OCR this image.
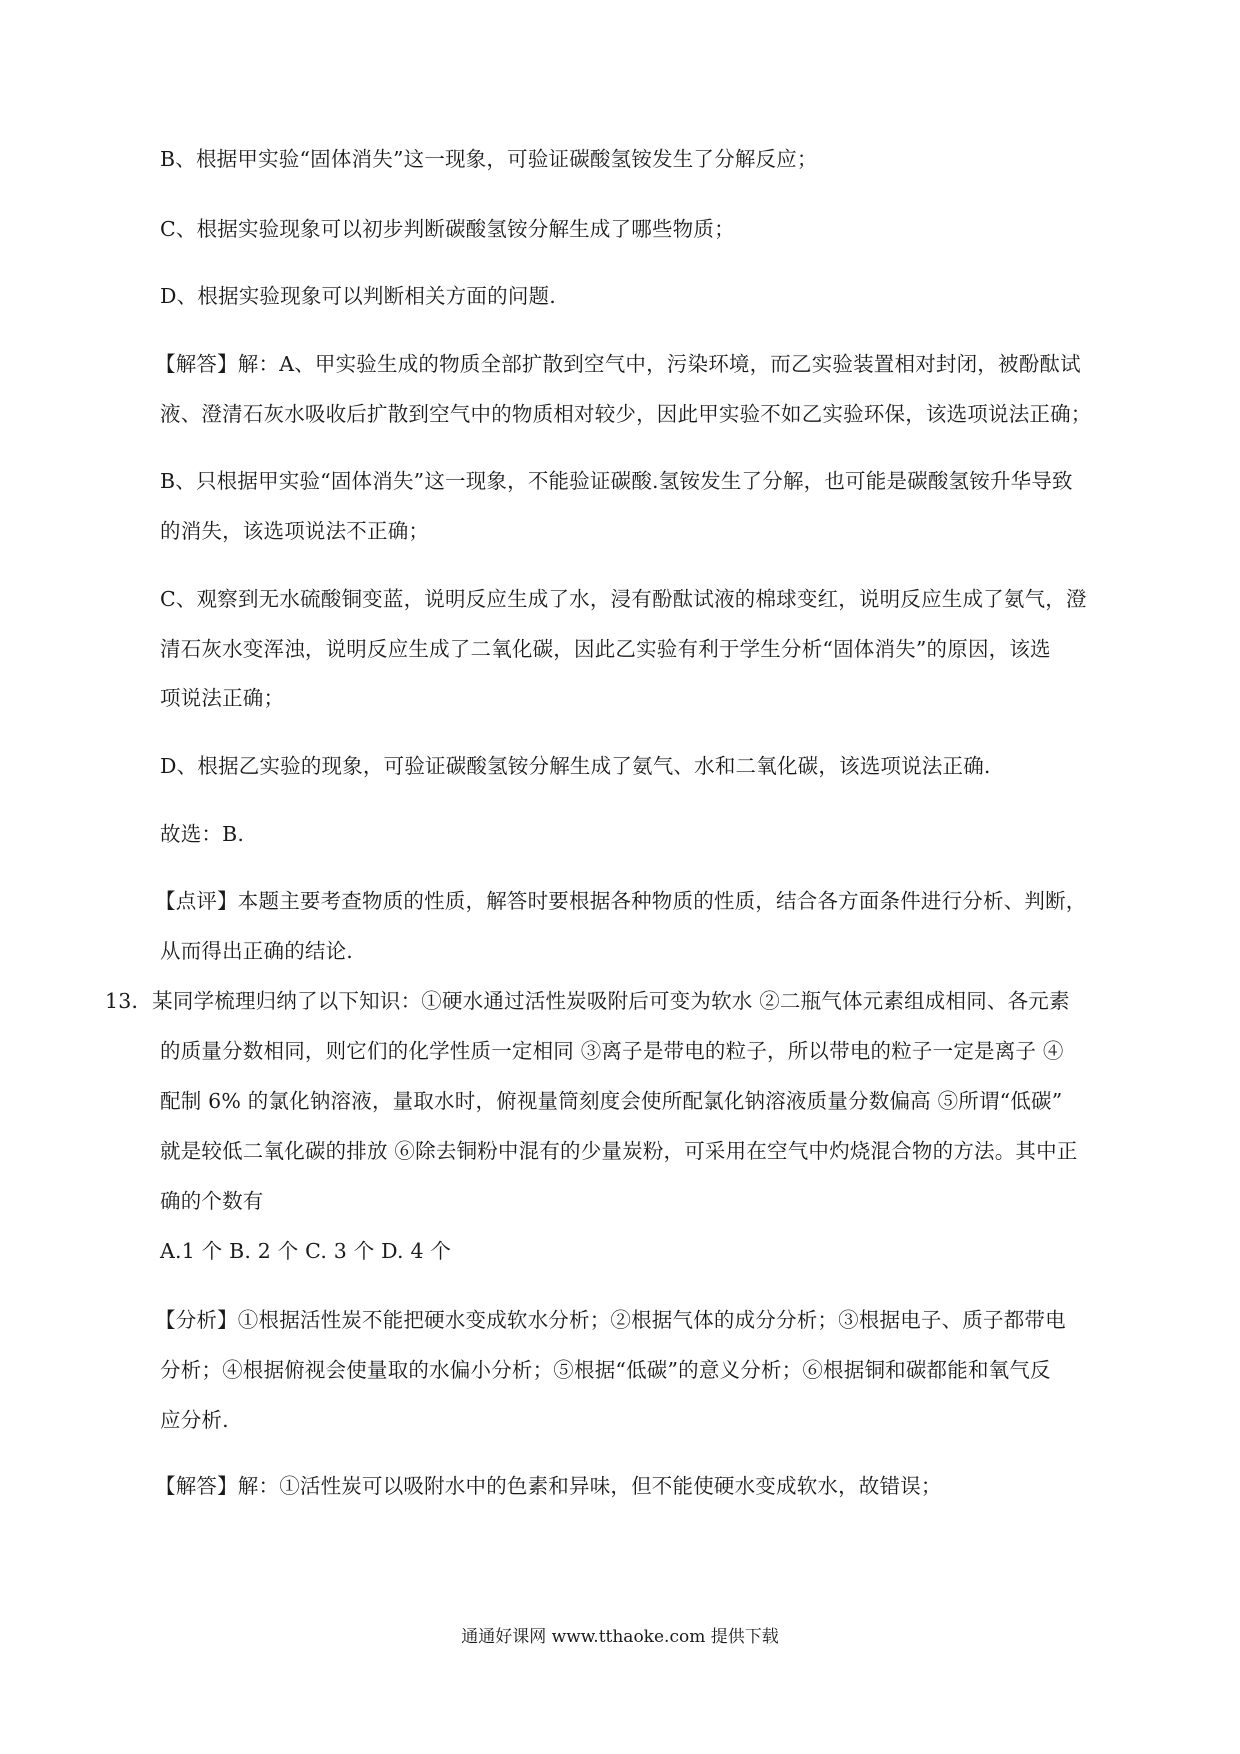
B、根据甲实验“固体消失”这一现象，可验证碳酸氢铵发生了分解反应；
C、根据实验现象可以初步判断碳酸氢铵分解生成了哪些物质；
D、根据实验现象可以判断相关方面的问题.
【解答】解：A、甲实验生成的物质全部扩散到空气中，污染环境，而乙实验装置相对封闭，被酚酞试
液、澄清石灰水吸收后扩散到空气中的物质相对较少，因此甲实验不如乙实验环保，该选项说法正确；
B、只根据甲实验“固体消失”这一现象，不能验证碳酸.氢铵发生了分解，也可能是碳酸氢铵升华导致
的消失，该选项说法不正确；
C、观察到无水硫酸铜变蓝，说明反应生成了水，浸有酚酞试液的棉球变红，说明反应生成了氨气，澄
清石灰水变浑浊，说明反应生成了二氧化碳，因此乙实验有利于学生分析“固体消失”的原因，该选
项说法正确；
D、根据乙实验的现象，可验证碳酸氢铵分解生成了氨气、水和二氧化碳，该选项说法正确.
故选：B.
【点评】本题主要考查物质的性质，解答时要根据各种物质的性质，结合各方面条件进行分析、判断，
从而得出正确的结论.
13．某同学梳理归纳了以下知识：①硬水通过活性炭吸附后可变为软水 ②二瓶气体元素组成相同、各元素
的质量分数相同，则它们的化学性质一定相同 ③离子是带电的粒子，所以带电的粒子一定是离子 ④
配制 6% 的氯化钠溶液，量取水时，俯视量筒刻度会使所配氯化钠溶液质量分数偏高 ⑤所谓“低碳”
就是较低二氧化碳的排放 ⑥除去铜粉中混有的少量炭粉，可采用在空气中灼烧混合物的方法。其中正
确的个数有
A.1 个 B. 2 个 C. 3 个 D. 4 个
【分析】①根据活性炭不能把硬水变成软水分析；②根据气体的成分分析；③根据电子、质子都带电
分析；④根据俯视会使量取的水偏小分析；⑤根据“低碳”的意义分析；⑥根据铜和碳都能和氧气反
应分析.
【解答】解：①活性炭可以吸附水中的色素和异味，但不能使硬水变成软水，故错误；
通通好课网 www.tthaoke.com 提供下载
